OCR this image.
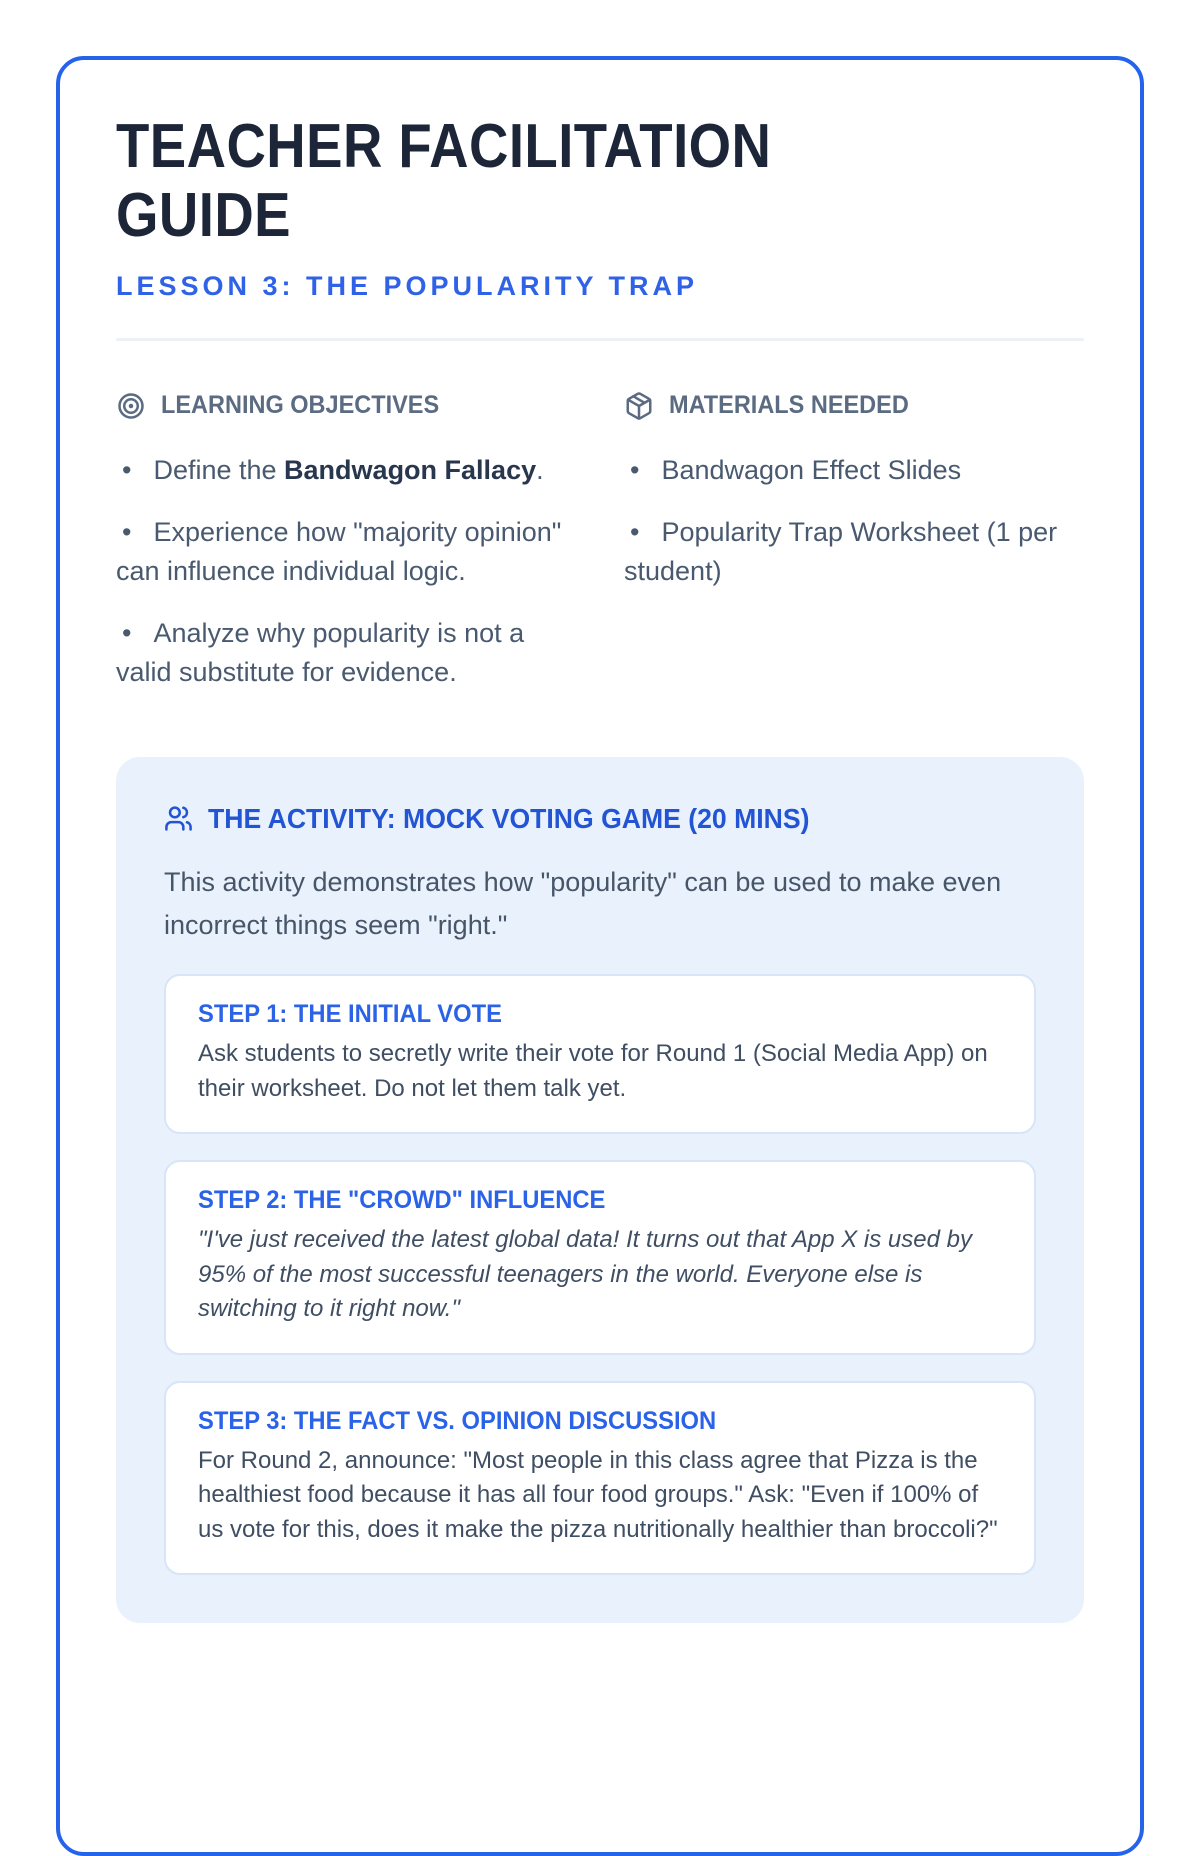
TEACHER FACILITATION GUIDE
LESSON 3: THE POPULARITY TRAP
LEARNING OBJECTIVES

• Define the Bandwagon Fallacy.

• Experience how "majority opinion" can influence individual logic.

• Analyze why popularity is not a valid substitute for evidence.

MATERIALS NEEDED

• Bandwagon Effect Slides

• Popularity Trap Worksheet (1 per student)

THE ACTIVITY: MOCK VOTING GAME (20 MINS)

This activity demonstrates how "popularity" can be used to make even incorrect things seem "right."

STEP 1: THE INITIAL VOTE

Ask students to secretly write their vote for Round 1 (Social Media App) on their worksheet. Do not let them talk yet.

STEP 2: THE "CROWD" INFLUENCE

"I've just received the latest global data! It turns out that App X is used by 95% of the most successful teenagers in the world. Everyone else is switching to it right now."

STEP 3: THE FACT VS. OPINION DISCUSSION

For Round 2, announce: "Most people in this class agree that Pizza is the healthiest food because it has all four food groups." Ask: "Even if 100% of us vote for this, does it make the pizza nutritionally healthier than broccoli?"
